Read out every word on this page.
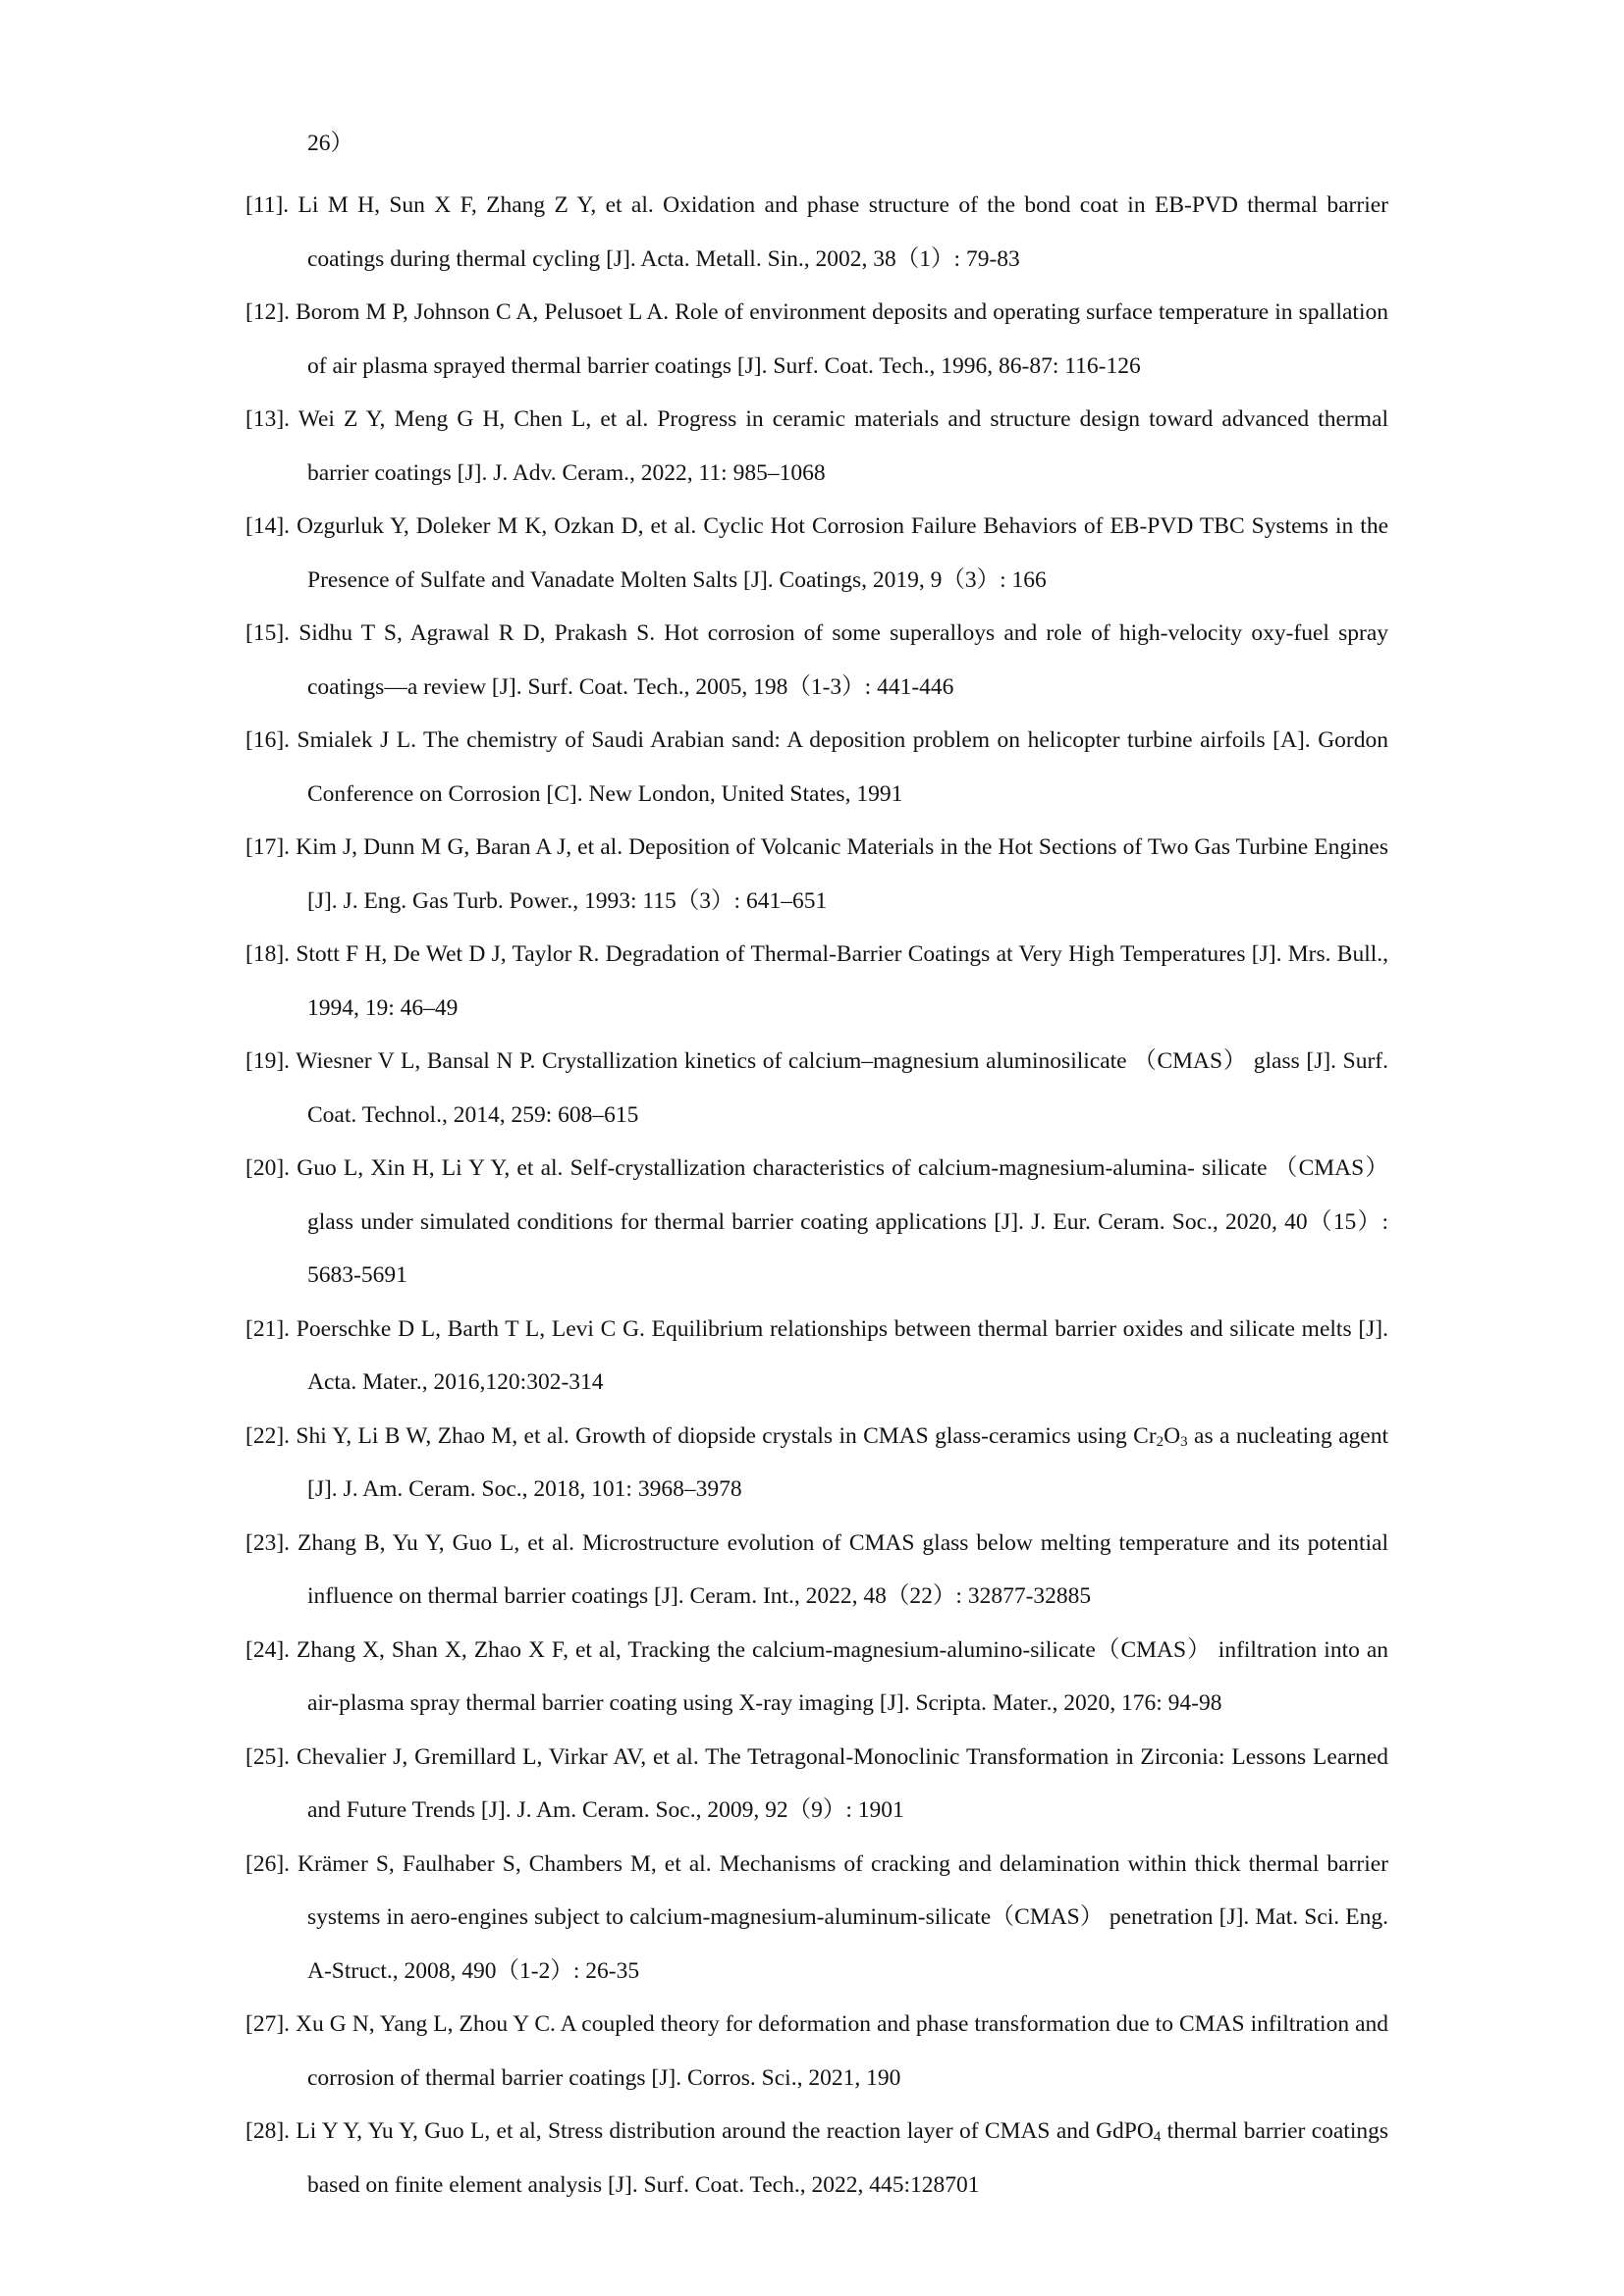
26）

[11]. Li M H, Sun X F, Zhang Z Y, et al. Oxidation and phase structure of the bond coat in EB-PVD thermal barrier coatings during thermal cycling [J]. Acta. Metall. Sin., 2002, 38（1）: 79-83

[12]. Borom M P, Johnson C A, Pelusoet L A. Role of environment deposits and operating surface temperature in spallation of air plasma sprayed thermal barrier coatings [J]. Surf. Coat. Tech., 1996, 86-87: 116-126

[13]. Wei Z Y, Meng G H, Chen L, et al. Progress in ceramic materials and structure design toward advanced thermal barrier coatings [J]. J. Adv. Ceram., 2022, 11: 985–1068

[14]. Ozgurluk Y, Doleker M K, Ozkan D, et al. Cyclic Hot Corrosion Failure Behaviors of EB-PVD TBC Systems in the Presence of Sulfate and Vanadate Molten Salts [J]. Coatings, 2019, 9（3）: 166

[15]. Sidhu T S, Agrawal R D, Prakash S. Hot corrosion of some superalloys and role of high-velocity oxy-fuel spray coatings—a review [J]. Surf. Coat. Tech., 2005, 198（1-3）: 441-446

[16]. Smialek J L. The chemistry of Saudi Arabian sand: A deposition problem on helicopter turbine airfoils [A]. Gordon Conference on Corrosion [C]. New London, United States, 1991

[17]. Kim J, Dunn M G, Baran A J, et al. Deposition of Volcanic Materials in the Hot Sections of Two Gas Turbine Engines [J]. J. Eng. Gas Turb. Power., 1993: 115（3）: 641–651

[18]. Stott F H, De Wet D J, Taylor R. Degradation of Thermal-Barrier Coatings at Very High Temperatures [J]. Mrs. Bull., 1994, 19: 46–49

[19]. Wiesner V L, Bansal N P. Crystallization kinetics of calcium–magnesium aluminosilicate （CMAS） glass [J]. Surf. Coat. Technol., 2014, 259: 608–615

[20]. Guo L, Xin H, Li Y Y, et al. Self-crystallization characteristics of calcium-magnesium-alumina- silicate （CMAS） glass under simulated conditions for thermal barrier coating applications [J]. J. Eur. Ceram. Soc., 2020, 40（15）: 5683-5691

[21]. Poerschke D L, Barth T L, Levi C G. Equilibrium relationships between thermal barrier oxides and silicate melts [J]. Acta. Mater., 2016,120:302-314

[22]. Shi Y, Li B W, Zhao M, et al. Growth of diopside crystals in CMAS glass-ceramics using $Cr_2O_3$ as a nucleating agent [J]. J. Am. Ceram. Soc., 2018, 101: 3968–3978

[23]. Zhang B, Yu Y, Guo L, et al. Microstructure evolution of CMAS glass below melting temperature and its potential influence on thermal barrier coatings [J]. Ceram. Int., 2022, 48（22）: 32877-32885

[24]. Zhang X, Shan X, Zhao X F, et al, Tracking the calcium-magnesium-alumino-silicate（CMAS） infiltration into an air-plasma spray thermal barrier coating using X-ray imaging [J]. Scripta. Mater., 2020, 176: 94-98

[25]. Chevalier J, Gremillard L, Virkar AV, et al. The Tetragonal-Monoclinic Transformation in Zirconia: Lessons Learned and Future Trends [J]. J. Am. Ceram. Soc., 2009, 92（9）: 1901

[26]. Krämer S, Faulhaber S, Chambers M, et al. Mechanisms of cracking and delamination within thick thermal barrier systems in aero-engines subject to calcium-magnesium-aluminum-silicate（CMAS） penetration [J]. Mat. Sci. Eng. A-Struct., 2008, 490（1-2）: 26-35

[27]. Xu G N, Yang L, Zhou Y C. A coupled theory for deformation and phase transformation due to CMAS infiltration and corrosion of thermal barrier coatings [J]. Corros. Sci., 2021, 190

[28]. Li Y Y, Yu Y, Guo L, et al, Stress distribution around the reaction layer of CMAS and GdPO$_4$ thermal barrier coatings based on finite element analysis [J]. Surf. Coat. Tech., 2022, 445:128701
